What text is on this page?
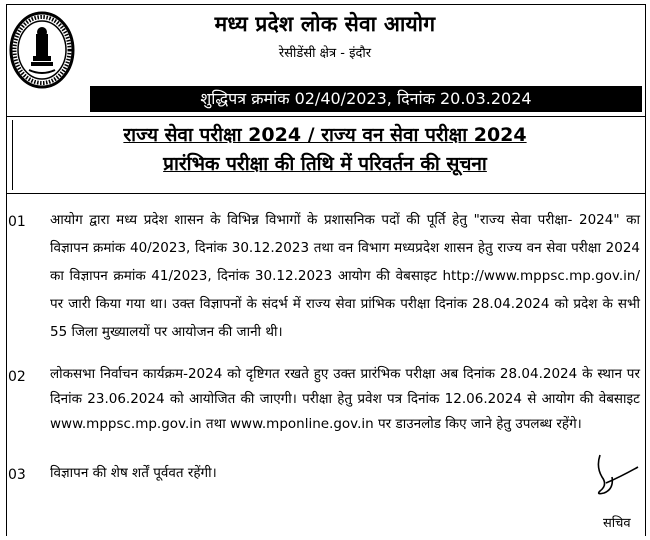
मध्य प्रदेश लोक सेवा आयोग
रेसीडेंसी क्षेत्र - इंदौर
शुद्धिपत्र क्रमांक 02/40/2023, दिनांक 20.03.2024
राज्य सेवा परीक्षा 2024 / राज्य वन सेवा परीक्षा 2024
प्रारंभिक परीक्षा की तिथि में परिवर्तन की सूचना
01 आयोग द्वारा मध्य प्रदेश शासन के विभिन्न विभागों के प्रशासनिक पदों की पूर्ति हेतु "राज्य सेवा परीक्षा- 2024" का विज्ञापन क्रमांक 40/2023, दिनांक 30.12.2023 तथा वन विभाग मध्यप्रदेश शासन हेतु राज्य वन सेवा परीक्षा 2024 का विज्ञापन क्रमांक 41/2023, दिनांक 30.12.2023 आयोग की वेबसाइट http://www.mppsc.mp.gov.in/ पर जारी किया गया था। उक्त विज्ञापनों के संदर्भ में राज्य सेवा प्रांभिक परीक्षा दिनांक 28.04.2024 को प्रदेश के सभी 55 जिला मुख्यालयों पर आयोजन की जानी थी।
02 लोकसभा निर्वाचन कार्यक्रम-2024 को दृष्टिगत रखते हुए उक्त प्रारंभिक परीक्षा अब दिनांक 28.04.2024 के स्थान पर दिनांक 23.06.2024 को आयोजित की जाएगी। परीक्षा हेतु प्रवेश पत्र दिनांक 12.06.2024 से आयोग की वेबसाइट www.mppsc.mp.gov.in तथा www.mponline.gov.in पर डाउनलोड किए जाने हेतु उपलब्ध रहेंगे।
03 विज्ञापन की शेष शर्तें पूर्ववत रहेंगी।
सचिव
